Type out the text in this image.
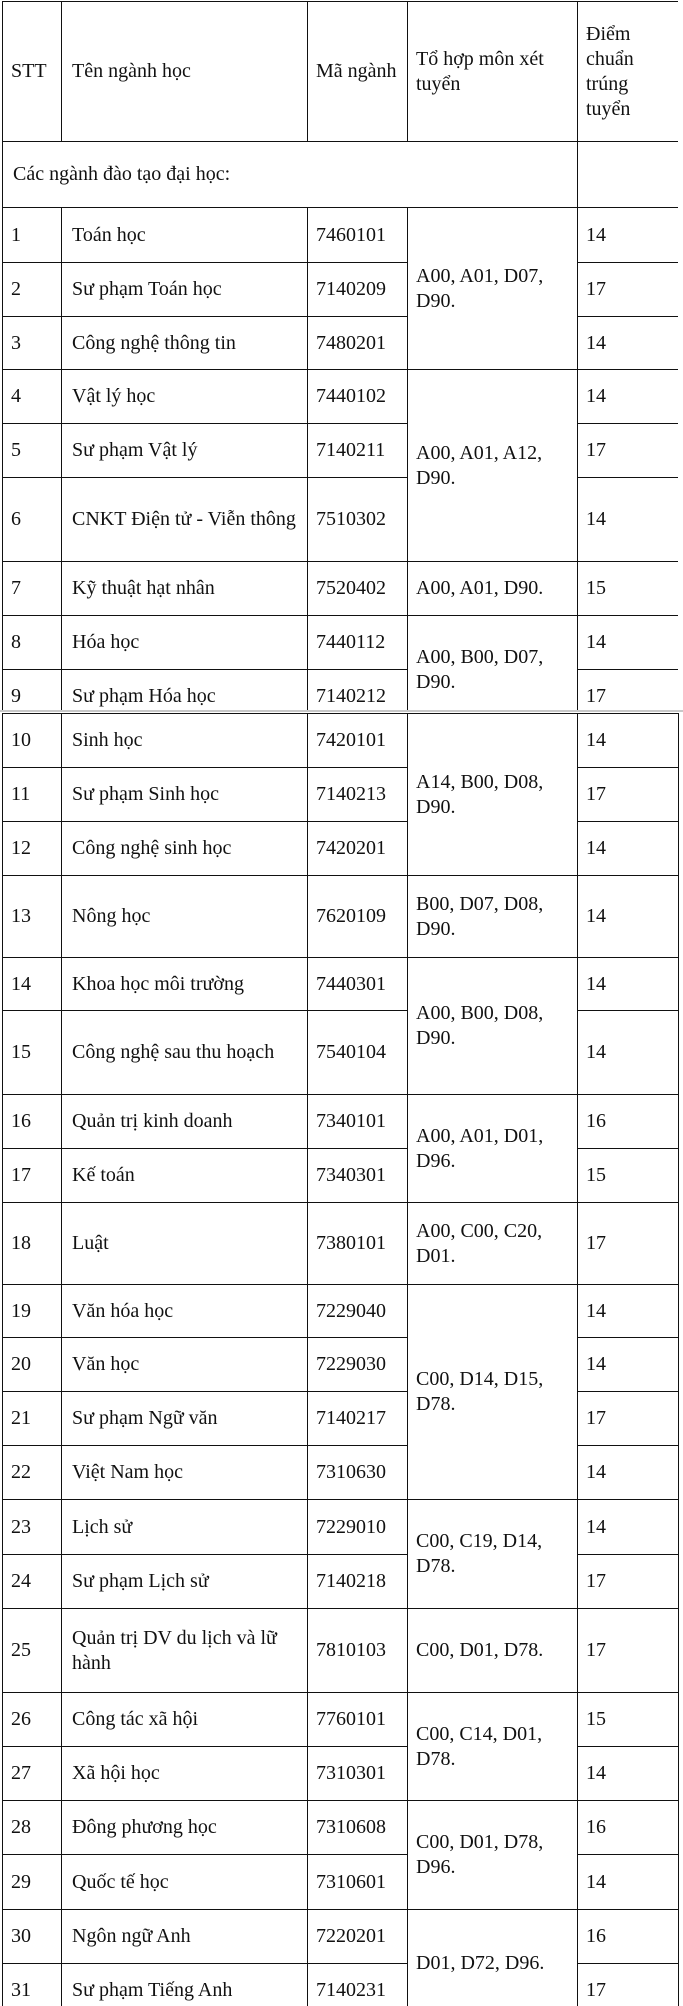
STT	Tên ngành học	Mã ngành	Tổ hợp môn xét tuyển	Điểm chuẩn trúng tuyển
Các ngành đào tạo đại học:				
1	Toán học	7460101	A00, A01, D07, D90.	14
2	Sư phạm Toán học	7140209		17
3	Công nghệ thông tin	7480201		14
4	Vật lý học	7440102	A00, A01, A12, D90.	14
5	Sư phạm Vật lý	7140211		17
6	CNKT Điện tử - Viễn thông	7510302		14
7	Kỹ thuật hạt nhân	7520402	A00, A01, D90.	15
8	Hóa học	7440112	A00, B00, D07, D90.	14
9	Sư phạm Hóa học	7140212		17
10	Sinh học	7420101	A14, B00, D08, D90.	14
11	Sư phạm Sinh học	7140213		17
12	Công nghệ sinh học	7420201		14
13	Nông học	7620109	B00, D07, D08, D90.	14
14	Khoa học môi trường	7440301	A00, B00, D08, D90.	14
15	Công nghệ sau thu hoạch	7540104		14
16	Quản trị kinh doanh	7340101	A00, A01, D01, D96.	16
17	Kế toán	7340301		15
18	Luật	7380101	A00, C00, C20, D01.	17
19	Văn hóa học	7229040	C00, D14, D15, D78.	14
20	Văn học	7229030		14
21	Sư phạm Ngữ văn	7140217		17
22	Việt Nam học	7310630		14
23	Lịch sử	7229010	C00, C19, D14, D78.	14
24	Sư phạm Lịch sử	7140218		17
25	Quản trị DV du lịch và lữ hành	7810103	C00, D01, D78.	17
26	Công tác xã hội	7760101	C00, C14, D01, D78.	15
27	Xã hội học	7310301		14
28	Đông phương học	7310608	C00, D01, D78, D96.	16
29	Quốc tế học	7310601		14
30	Ngôn ngữ Anh	7220201	D01, D72, D96.	16
31	Sư phạm Tiếng Anh	7140231		17
